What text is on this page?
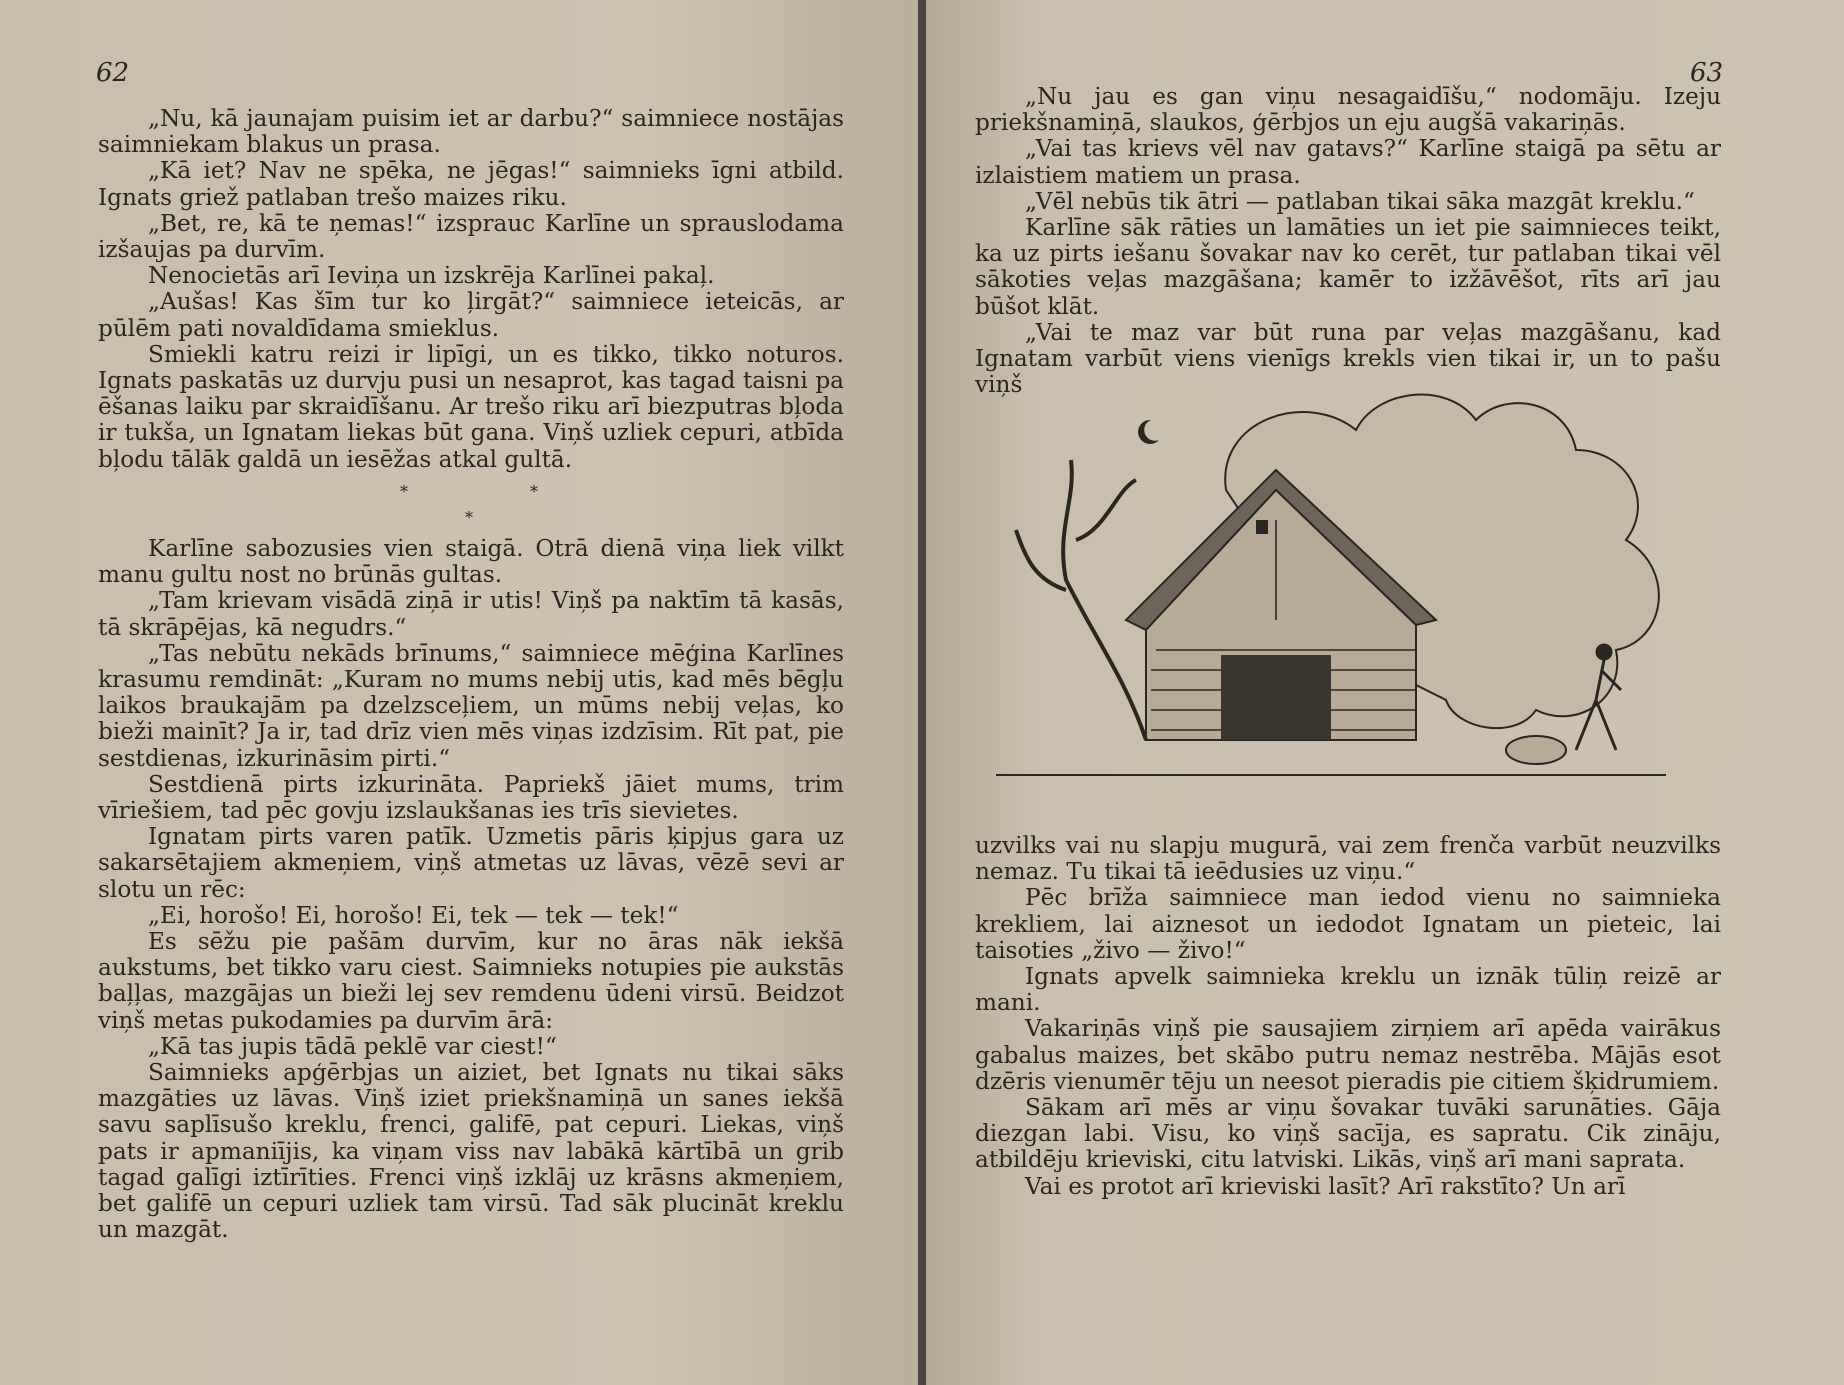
62

„Nu, kā jaunajam puisim iet ar darbu?“ saimniece nostājas saimniekam blakus un prasa.

„Kā iet? Nav ne spēka, ne jēgas!“ saimnieks īgni atbild. Ignats griež patlaban trešo maizes riku.

„Bet, re, kā te ņemas!“ izsprauc Karlīne un sprauslodama izšaujas pa durvīm.

Nenocietās arī Ieviņa un izskrēja Karlīnei pakaļ.

„Aušas! Kas šīm tur ko ļirgāt?“ saimniece ieteicās, ar pūlēm pati novaldīdama smieklus.

Smiekli katru reizi ir lipīgi, un es tikko, tikko noturos. Ignats paskatās uz durvju pusi un nesaprot, kas tagad taisni pa ēšanas laiku par skraidīšanu. Ar trešo riku arī biezputras bļoda ir tukša, un Ignatam liekas būt gana. Viņš uzliek cepuri, atbīda bļodu tālāk galdā un iesēžas atkal gultā.

*	*
*

Karlīne sabozusies vien staigā. Otrā dienā viņa liek vilkt manu gultu nost no brūnās gultas.

„Tam krievam visādā ziņā ir utis! Viņš pa naktīm tā kasās, tā skrāpējas, kā negudrs.“

„Tas nebūtu nekāds brīnums,“ saimniece mēģina Karlīnes krasumu remdināt: „Kuram no mums nebij utis, kad mēs bēgļu laikos braukajām pa dzelzsceļiem, un mūms nebij veļas, ko bieži mainīt? Ja ir, tad drīz vien mēs viņas izdzīsim. Rīt pat, pie sestdienas, izkurināsim pirti.“

Sestdienā pirts izkurināta. Papriekš jāiet mums, trim vīriešiem, tad pēc govju izslaukšanas ies trīs sievietes.

Ignatam pirts varen patīk. Uzmetis pāris ķipjus gara uz sakarsētajiem akmeņiem, viņš atmetas uz lāvas, vēzē sevi ar slotu un rēc:

„Ei, horošo! Ei, horošo! Ei, tek — tek — tek!“

Es sēžu pie pašām durvīm, kur no āras nāk iekšā aukstums, bet tikko varu ciest. Saimnieks notupies pie aukstās baļļas, mazgājas un bieži lej sev remdenu ūdeni virsū. Beidzot viņš metas pukodamies pa durvīm ārā:

„Kā tas jupis tādā peklē var ciest!“

Saimnieks apģērbjas un aiziet, bet Ignats nu tikai sāks mazgāties uz lāvas. Viņš iziet priekšnamiņā un sanes iekšā savu saplīsušo kreklu, frenci, galifē, pat cepuri. Liekas, viņš pats ir apmaniījis, ka viņam viss nav labākā kārtībā un grib tagad galīgi iztīrīties. Frenci viņš izklāj uz krāsns akmeņiem, bet galifē un cepuri uzliek tam virsū. Tad sāk plucināt kreklu un mazgāt.

63

„Nu jau es gan viņu nesagaidīšu,“ nodomāju. Izeju priekšnamiņā, slaukos, ģērbjos un eju augšā vakariņās.

„Vai tas krievs vēl nav gatavs?“ Karlīne staigā pa sētu ar izlaistiem matiem un prasa.

„Vēl nebūs tik ātri — patlaban tikai sāka mazgāt kreklu.“

Karlīne sāk rāties un lamāties un iet pie saimnieces teikt, ka uz pirts iešanu šovakar nav ko cerēt, tur patlaban tikai vēl sākoties veļas mazgāšana; kamēr to izžāvēšot, rīts arī jau būšot klāt.

„Vai te maz var būt runa par veļas mazgāšanu, kad Ignatam varbūt viens vienīgs krekls vien tikai ir, un to pašu viņš

uzvilks vai nu slapju mugurā, vai zem frenča varbūt neuzvilks nemaz. Tu tikai tā ieēdusies uz viņu.“

Pēc brīža saimniece man iedod vienu no saimnieka krekliem, lai aiznesot un iedodot Ignatam un pieteic, lai taisoties „živo — živo!“

Ignats apvelk saimnieka kreklu un iznāk tūliņ reizē ar mani.

Vakariņās viņš pie sausajiem zirņiem arī apēda vairākus gabalus maizes, bet skābo putru nemaz nestrēba. Mājās esot dzēris vienumēr tēju un neesot pieradis pie citiem šķidrumiem.

Sākam arī mēs ar viņu šovakar tuvāki sarunāties. Gāja diezgan labi. Visu, ko viņš sacīja, es sapratu. Cik zināju, atbildēju krieviski, citu latviski. Likās, viņš arī mani saprata.

Vai es protot arī krieviski lasīt? Arī rakstīto? Un arī
